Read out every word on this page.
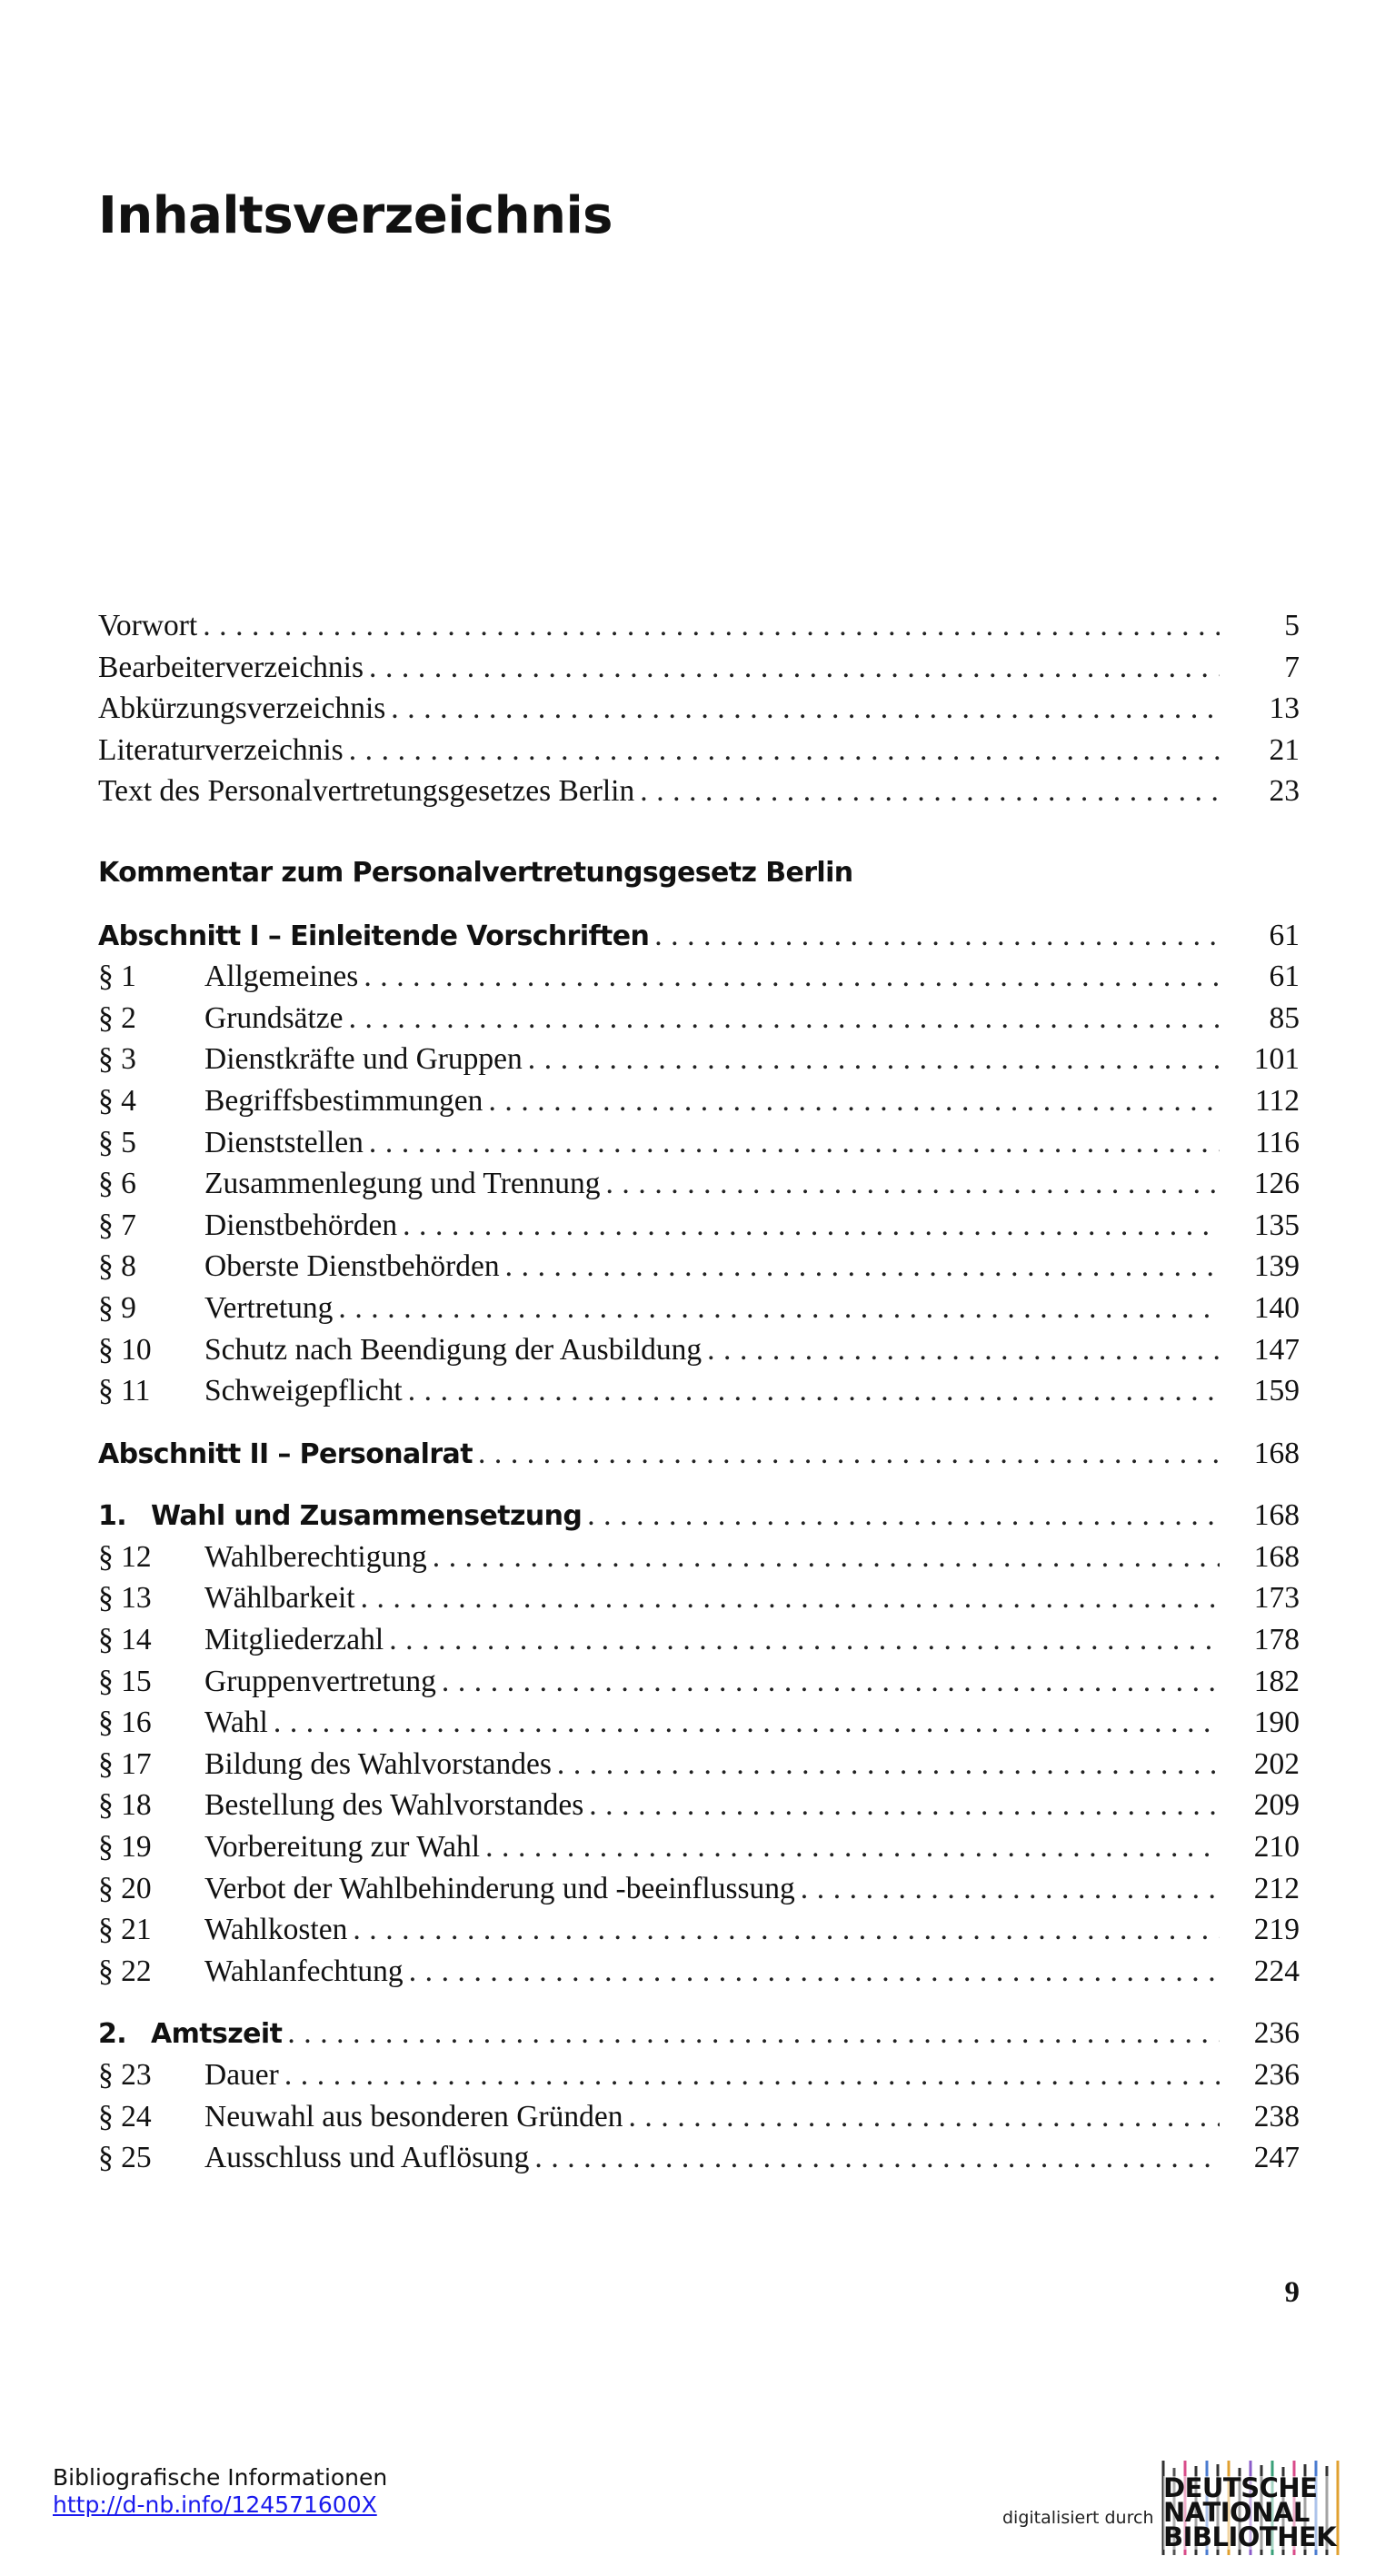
Inhaltsverzeichnis
Vorwort . . .	5
Bearbeiterverzeichnis . . .	7
Abkürzungsverzeichnis . . .	13
Literaturverzeichnis . . .	21
Text des Personalvertretungsgesetzes Berlin . . .	23
Kommentar zum Personalvertretungsgesetz Berlin
Abschnitt I – Einleitende Vorschriften . . .	61
§ 1	Allgemeines . . .	61
§ 2	Grundsätze . . .	85
§ 3	Dienstkräfte und Gruppen . . .	101
§ 4	Begriffsbestimmungen . . .	112
§ 5	Dienststellen . . .	116
§ 6	Zusammenlegung und Trennung . . .	126
§ 7	Dienstbehörden . . .	135
§ 8	Oberste Dienstbehörden . . .	139
§ 9	Vertretung . . .	140
§ 10	Schutz nach Beendigung der Ausbildung . . .	147
§ 11	Schweigepflicht . . .	159
Abschnitt II – Personalrat . . .	168
1. Wahl und Zusammensetzung . . .	168
§ 12	Wahlberechtigung . . .	168
§ 13	Wählbarkeit . . .	173
§ 14	Mitgliederzahl . . .	178
§ 15	Gruppenvertretung . . .	182
§ 16	Wahl . . .	190
§ 17	Bildung des Wahlvorstandes . . .	202
§ 18	Bestellung des Wahlvorstandes . . .	209
§ 19	Vorbereitung zur Wahl . . .	210
§ 20	Verbot der Wahlbehinderung und -beeinflussung . . .	212
§ 21	Wahlkosten . . .	219
§ 22	Wahlanfechtung . . .	224
2. Amtszeit . . .	236
§ 23	Dauer . . .	236
§ 24	Neuwahl aus besonderen Gründen . . .	238
§ 25	Ausschluss und Auflösung . . .	247
9
Bibliografische Informationen
http://d-nb.info/124571600X	digitalisiert durch
DEUTSCHE
NATIONAL
BIBLIOTHEK
